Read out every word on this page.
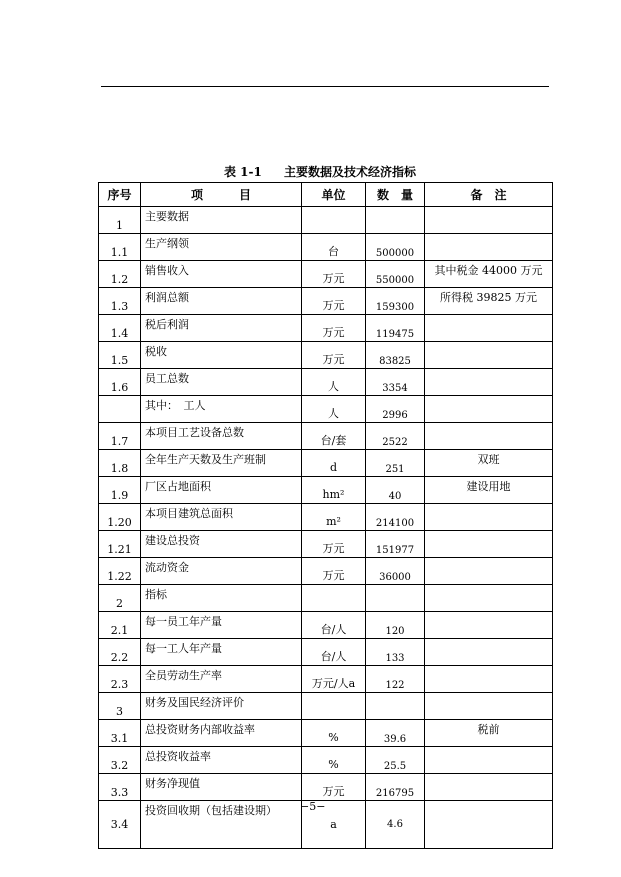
表 1-1 主要数据及技术经济指标
序号	项　　　目	单位	数　量	备　注
1	主要数据			
1.1	生产纲领	台	500000	
1.2	销售收入	万元	550000	其中税金 44000 万元
1.3	利润总额	万元	159300	所得税 39825 万元
1.4	税后利润	万元	119475	
1.5	税收	万元	83825	
1.6	员工总数	人	3354	
	其中：　工人	人	2996	
1.7	本项目工艺设备总数	台/套	2522	
1.8	全年生产天数及生产班制	d	251	双班
1.9	厂区占地面积	hm²	40	建设用地
1.20	本项目建筑总面积	m²	214100	
1.21	建设总投资	万元	151977	
1.22	流动资金	万元	36000	
2	指标			
2.1	每一员工年产量	台/人	120	
2.2	每一工人年产量	台/人	133	
2.3	全员劳动生产率	万元/人a	122	
3	财务及国民经济评价			
3.1	总投资财务内部收益率	%	39.6	税前
3.2	总投资收益率	%	25.5	
3.3	财务净现值	万元	216795	
3.4	投资回收期（包括建设期）	a	4.6	
−5−
